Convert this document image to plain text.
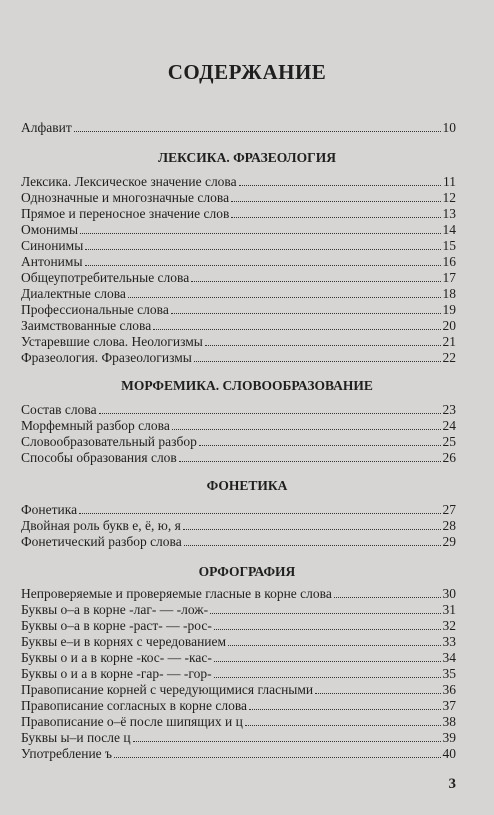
СОДЕРЖАНИЕ
Алфавит	10
ЛЕКСИКА. ФРАЗЕОЛОГИЯ
Лексика. Лексическое значение слова	11
Однозначные и многозначные слова	12
Прямое и переносное значение слов	13
Омонимы	14
Синонимы	15
Антонимы	16
Общеупотребительные слова	17
Диалектные слова	18
Профессиональные слова	19
Заимствованные слова	20
Устаревшие слова. Неологизмы	21
Фразеология. Фразеологизмы	22
МОРФЕМИКА. СЛОВООБРАЗОВАНИЕ
Состав слова	23
Морфемный разбор слова	24
Словообразовательный разбор	25
Способы образования слов	26
ФОНЕТИКА
Фонетика	27
Двойная роль букв е, ё, ю, я	28
Фонетический разбор слова	29
ОРФОГРАФИЯ
Непроверяемые и проверяемые гласные в корне слова	30
Буквы о–а в корне -лаг- — -лож-	31
Буквы о–а в корне -раст- — -рос-	32
Буквы е–и в корнях с чередованием	33
Буквы о и а в корне -кос- — -кас-	34
Буквы о и а в корне -гар- — -гор-	35
Правописание корней с чередующимися гласными	36
Правописание согласных в корне слова	37
Правописание о–ё после шипящих и ц	38
Буквы ы–и после ц	39
Употребление ъ	40
3
